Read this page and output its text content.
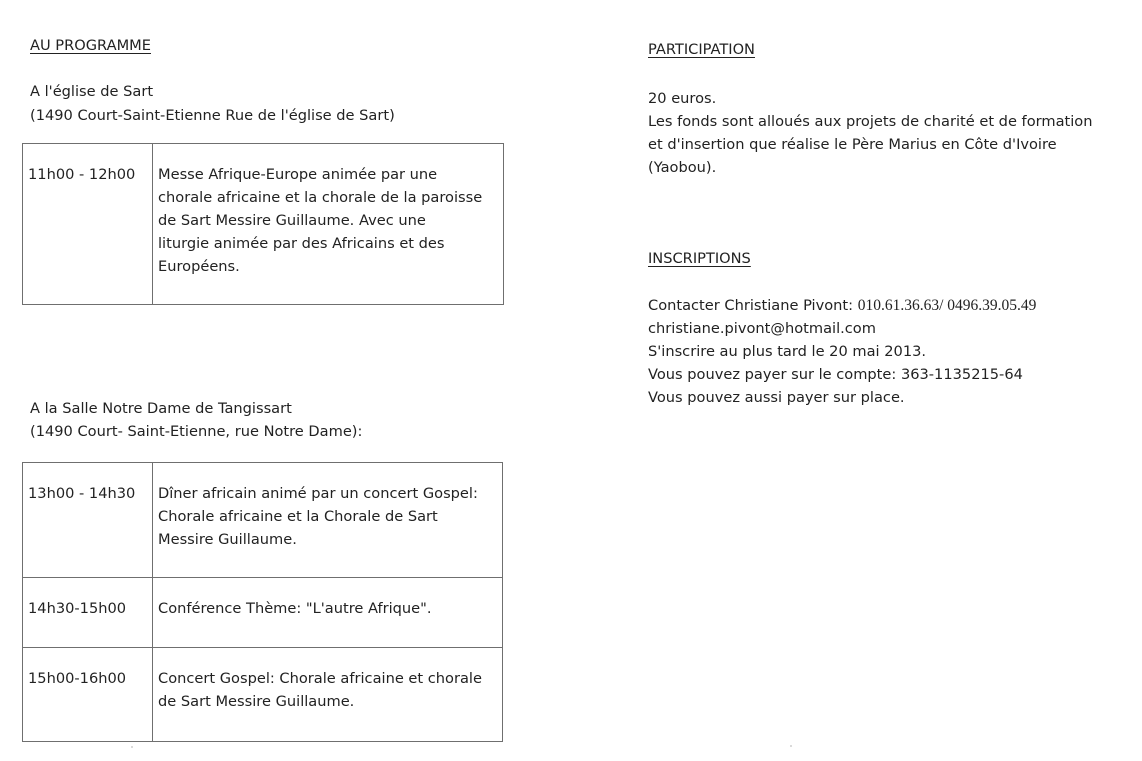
AU PROGRAMME
A l'église de Sart
(1490 Court-Saint-Etienne Rue de l'église de Sart)
11h00 - 12h00	Messe Afrique-Europe animée par une
chorale africaine et la chorale de la paroisse
de Sart Messire Guillaume. Avec une
liturgie animée par des Africains et des
Européens.
A la Salle Notre Dame de Tangissart
(1490 Court- Saint-Etienne, rue Notre Dame):
13h00 - 14h30	Dîner africain animé par un concert Gospel:
Chorale africaine et la Chorale de Sart
Messire Guillaume.

14h30-15h00	Conférence Thème: "L'autre Afrique".

15h00-16h00	Concert Gospel: Chorale africaine et chorale
de Sart Messire Guillaume.
PARTICIPATION
20 euros.
Les fonds sont alloués aux projets de charité et de formation
et d'insertion que réalise le Père Marius en Côte d'Ivoire
(Yaobou).
INSCRIPTIONS
Contacter Christiane Pivont: 010.61.36.63/ 0496.39.05.49
christiane.pivont@hotmail.com
S'inscrire au plus tard le 20 mai 2013.
Vous pouvez payer sur le compte: 363-1135215-64
Vous pouvez aussi payer sur place.
